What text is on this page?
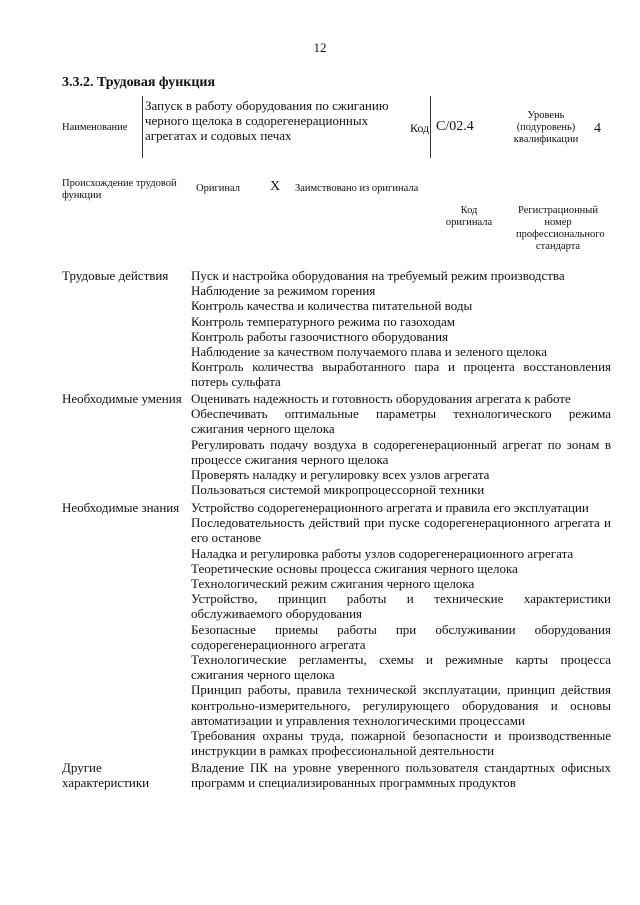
12
3.3.2. Трудовая функция
Наименование
Запуск в работу оборудования по сжиганию черного щелока в содорегенерационных агрегатах и содовых печах	Код C/02.4
Уровень (подуровень) квалификации
4
Происхождение трудовой функции
Оригинал X Заимствовано из оригинала
Код оригинала
Регистрационный номер профессионального стандарта
Трудовые действия	Пуск и настройка оборудования на требуемый режим производства
Наблюдение за режимом горения
Контроль качества и количества питательной воды
Контроль температурного режима по газоходам
Контроль работы газоочистного оборудования
Наблюдение за качеством получаемого плава и зеленого щелока
Контроль количества выработанного пара и процента восстановления потерь сульфата
Необходимые умения Оценивать надежность и готовность оборудования агрегата к работе
Обеспечивать оптимальные параметры технологического режима сжигания черного щелока
Регулировать подачу воздуха в содорегенерационный агрегат по зонам в процессе сжигания черного щелока
Проверять наладку и регулировку всех узлов агрегата
Пользоваться системой микропроцессорной техники
Необходимые знания Устройство содорегенерационного агрегата и правила его эксплуатации
Последовательность действий при пуске содорегенерационного агрегата и его останове
Наладка и регулировка работы узлов содорегенерационного агрегата
Теоретические основы процесса сжигания черного щелока
Технологический режим сжигания черного щелока
Устройство, принцип работы и технические характеристики обслуживаемого оборудования
Безопасные приемы работы при обслуживании оборудования содорегенерационного агрегата
Технологические регламенты, схемы и режимные карты процесса сжигания черного щелока
Принцип работы, правила технической эксплуатации, принцип действия контрольно-измерительного, регулирующего оборудования и основы автоматизации и управления технологическими процессами
Требования охраны труда, пожарной безопасности и производственные инструкции в рамках профессиональной деятельности
Другие характеристики
Владение ПК на уровне уверенного пользователя стандартных офисных программ и специализированных программных продуктов
